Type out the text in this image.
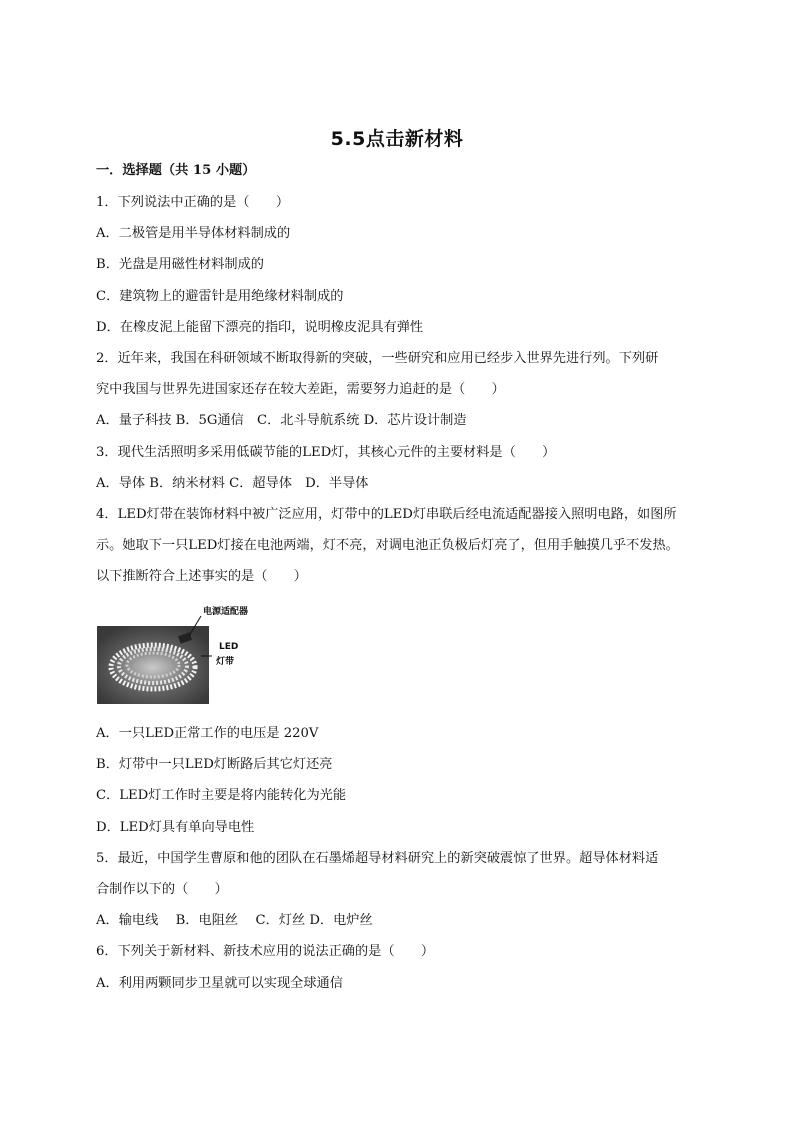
5.5点击新材料
一．选择题（共 15 小题）
1．下列说法中正确的是（　　）
A．二极管是用半导体材料制成的
B．光盘是用磁性材料制成的
C．建筑物上的避雷针是用绝缘材料制成的
D．在橡皮泥上能留下漂亮的指印，说明橡皮泥具有弹性
2．近年来，我国在科研领域不断取得新的突破，一些研究和应用已经步入世界先进行列。下列研
究中我国与世界先进国家还存在较大差距，需要努力追赶的是（　　）
A．量子科技 B．5G通信　C．北斗导航系统 D．芯片设计制造
3．现代生活照明多采用低碳节能的LED灯，其核心元件的主要材料是（　　）
A．导体 B．纳米材料 C．超导体　D．半导体
4．LED灯带在装饰材料中被广泛应用，灯带中的LED灯串联后经电流适配器接入照明电路，如图所
示。她取下一只LED灯接在电池两端，灯不亮，对调电池正负极后灯亮了，但用手触摸几乎不发热。
以下推断符合上述事实的是（　　）
电源适配器
LED
灯带
A．一只LED正常工作的电压是 220V
B．灯带中一只LED灯断路后其它灯还亮
C．LED灯工作时主要是将内能转化为光能
D．LED灯具有单向导电性
5．最近，中国学生曹原和他的团队在石墨烯超导材料研究上的新突破震惊了世界。超导体材料适
合制作以下的（　　）
A．输电线　 B．电阻丝　 C．灯丝 D．电炉丝
6．下列关于新材料、新技术应用的说法正确的是（　　）
A．利用两颗同步卫星就可以实现全球通信
